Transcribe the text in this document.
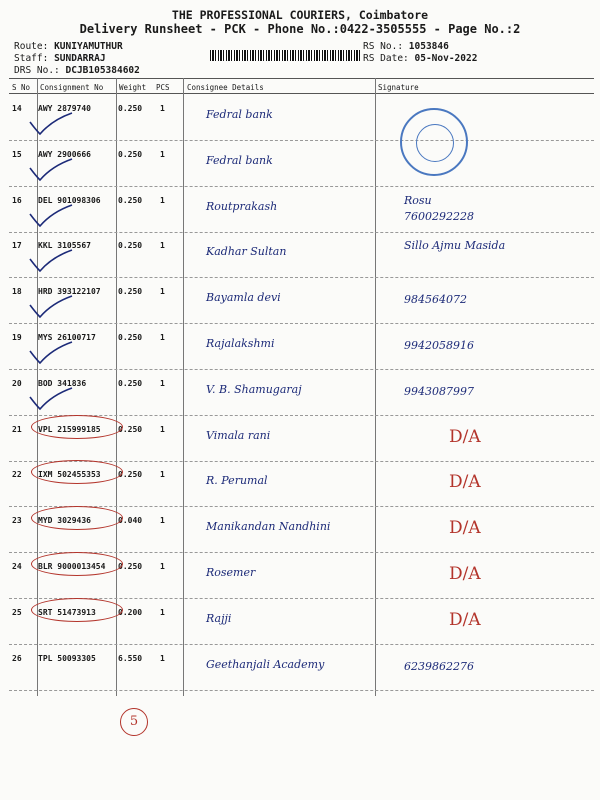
THE PROFESSIONAL COURIERS, Coimbatore
Delivery Runsheet - PCK - Phone No.:0422-3505555 - Page No.:2
Route: KUNIYAMUTHUR
Staff: SUNDARRAJ
DRS No.: DCJB105384602
RS No.: 1053846
RS Date: 05-Nov-2022
S No Consignment No Weight PCS Consignee Details	Signature
14 AWY 2879740	0.250 1	Fedral bank
15 AWY 2900666	0.250 1	Fedral bank
16 DEL 901098306 0.250 1	Routprakash	Rosu
7600292228
17 KKL 3105567	0.250 1	Kadhar Sultan	Sillo Ajmu Masida
18 HRD 393122107 0.250 1	Bayamla devi	984564072
19 MYS 26100717	0.250 1	Rajalakshmi	9942058916
20 BOD 341836	0.250 1	V. B. Shamugaraj	9943087997
21 VPL 215999185 0.250 1	Vimala rani	D/A
22 IXM 502455353 0.250 1	R. Perumal	D/A
23 MYD 3029436	0.040 1	Manikandan Nandhini	D/A
24 BLR 9000013454 0.250 1	Rosemer	D/A
25 SRT 51473913	0.200 1	Rajji	D/A
26 TPL 50093305	6.550 1	Geethanjali Academy	6239862276
5
